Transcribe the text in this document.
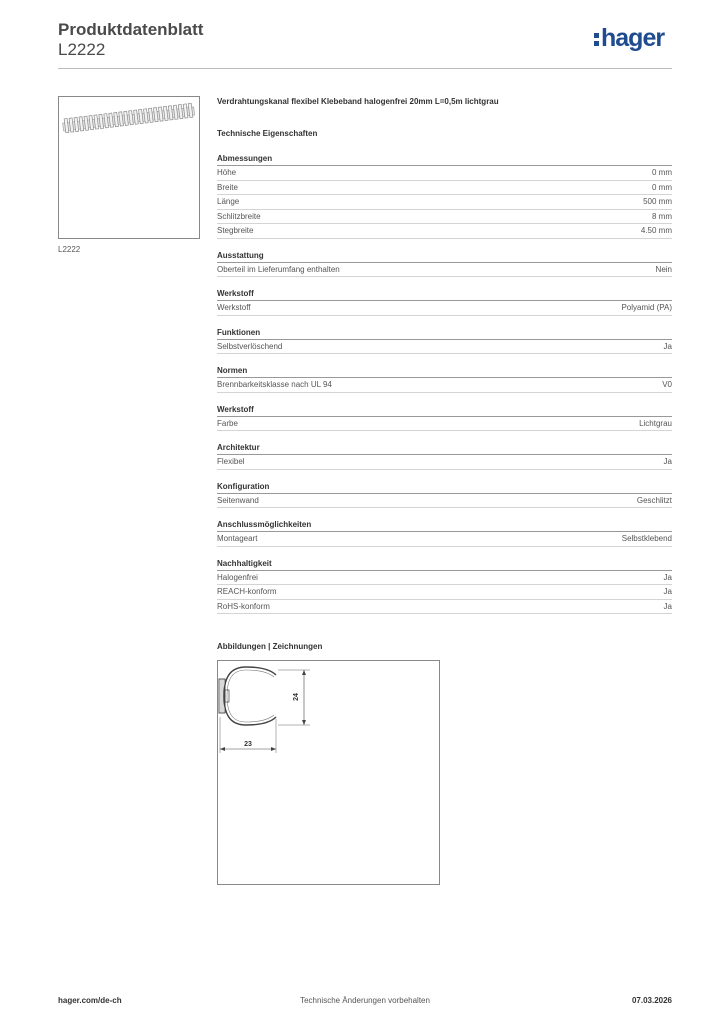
Produktdatenblatt
L2222	hager
L2222

Verdrahtungskanal flexibel Klebeband halogenfrei 20mm L=0,5m lichtgrau

Technische Eigenschaften
Abmessungen
Höhe	0 mm
Breite	0 mm
Länge	500 mm
Schlitzbreite	8 mm
Stegbreite	4.50 mm
Ausstattung
Oberteil im Lieferumfang enthalten	Nein
Werkstoff
Werkstoff	Polyamid (PA)
Funktionen
Selbstverlöschend	Ja
Normen
Brennbarkeitsklasse nach UL 94	V0
Werkstoff
Farbe	Lichtgrau
Architektur
Flexibel	Ja
Konfiguration
Seitenwand	Geschlitzt
Anschlussmöglichkeiten
Montageart	Selbstklebend
Nachhaltigkeit
Halogenfrei	Ja
REACH-konform	Ja
RoHS-konform	Ja
Abbildungen | Zeichnungen
24
23
hager.com/de-ch	Technische Änderungen vorbehalten	07.03.2026
